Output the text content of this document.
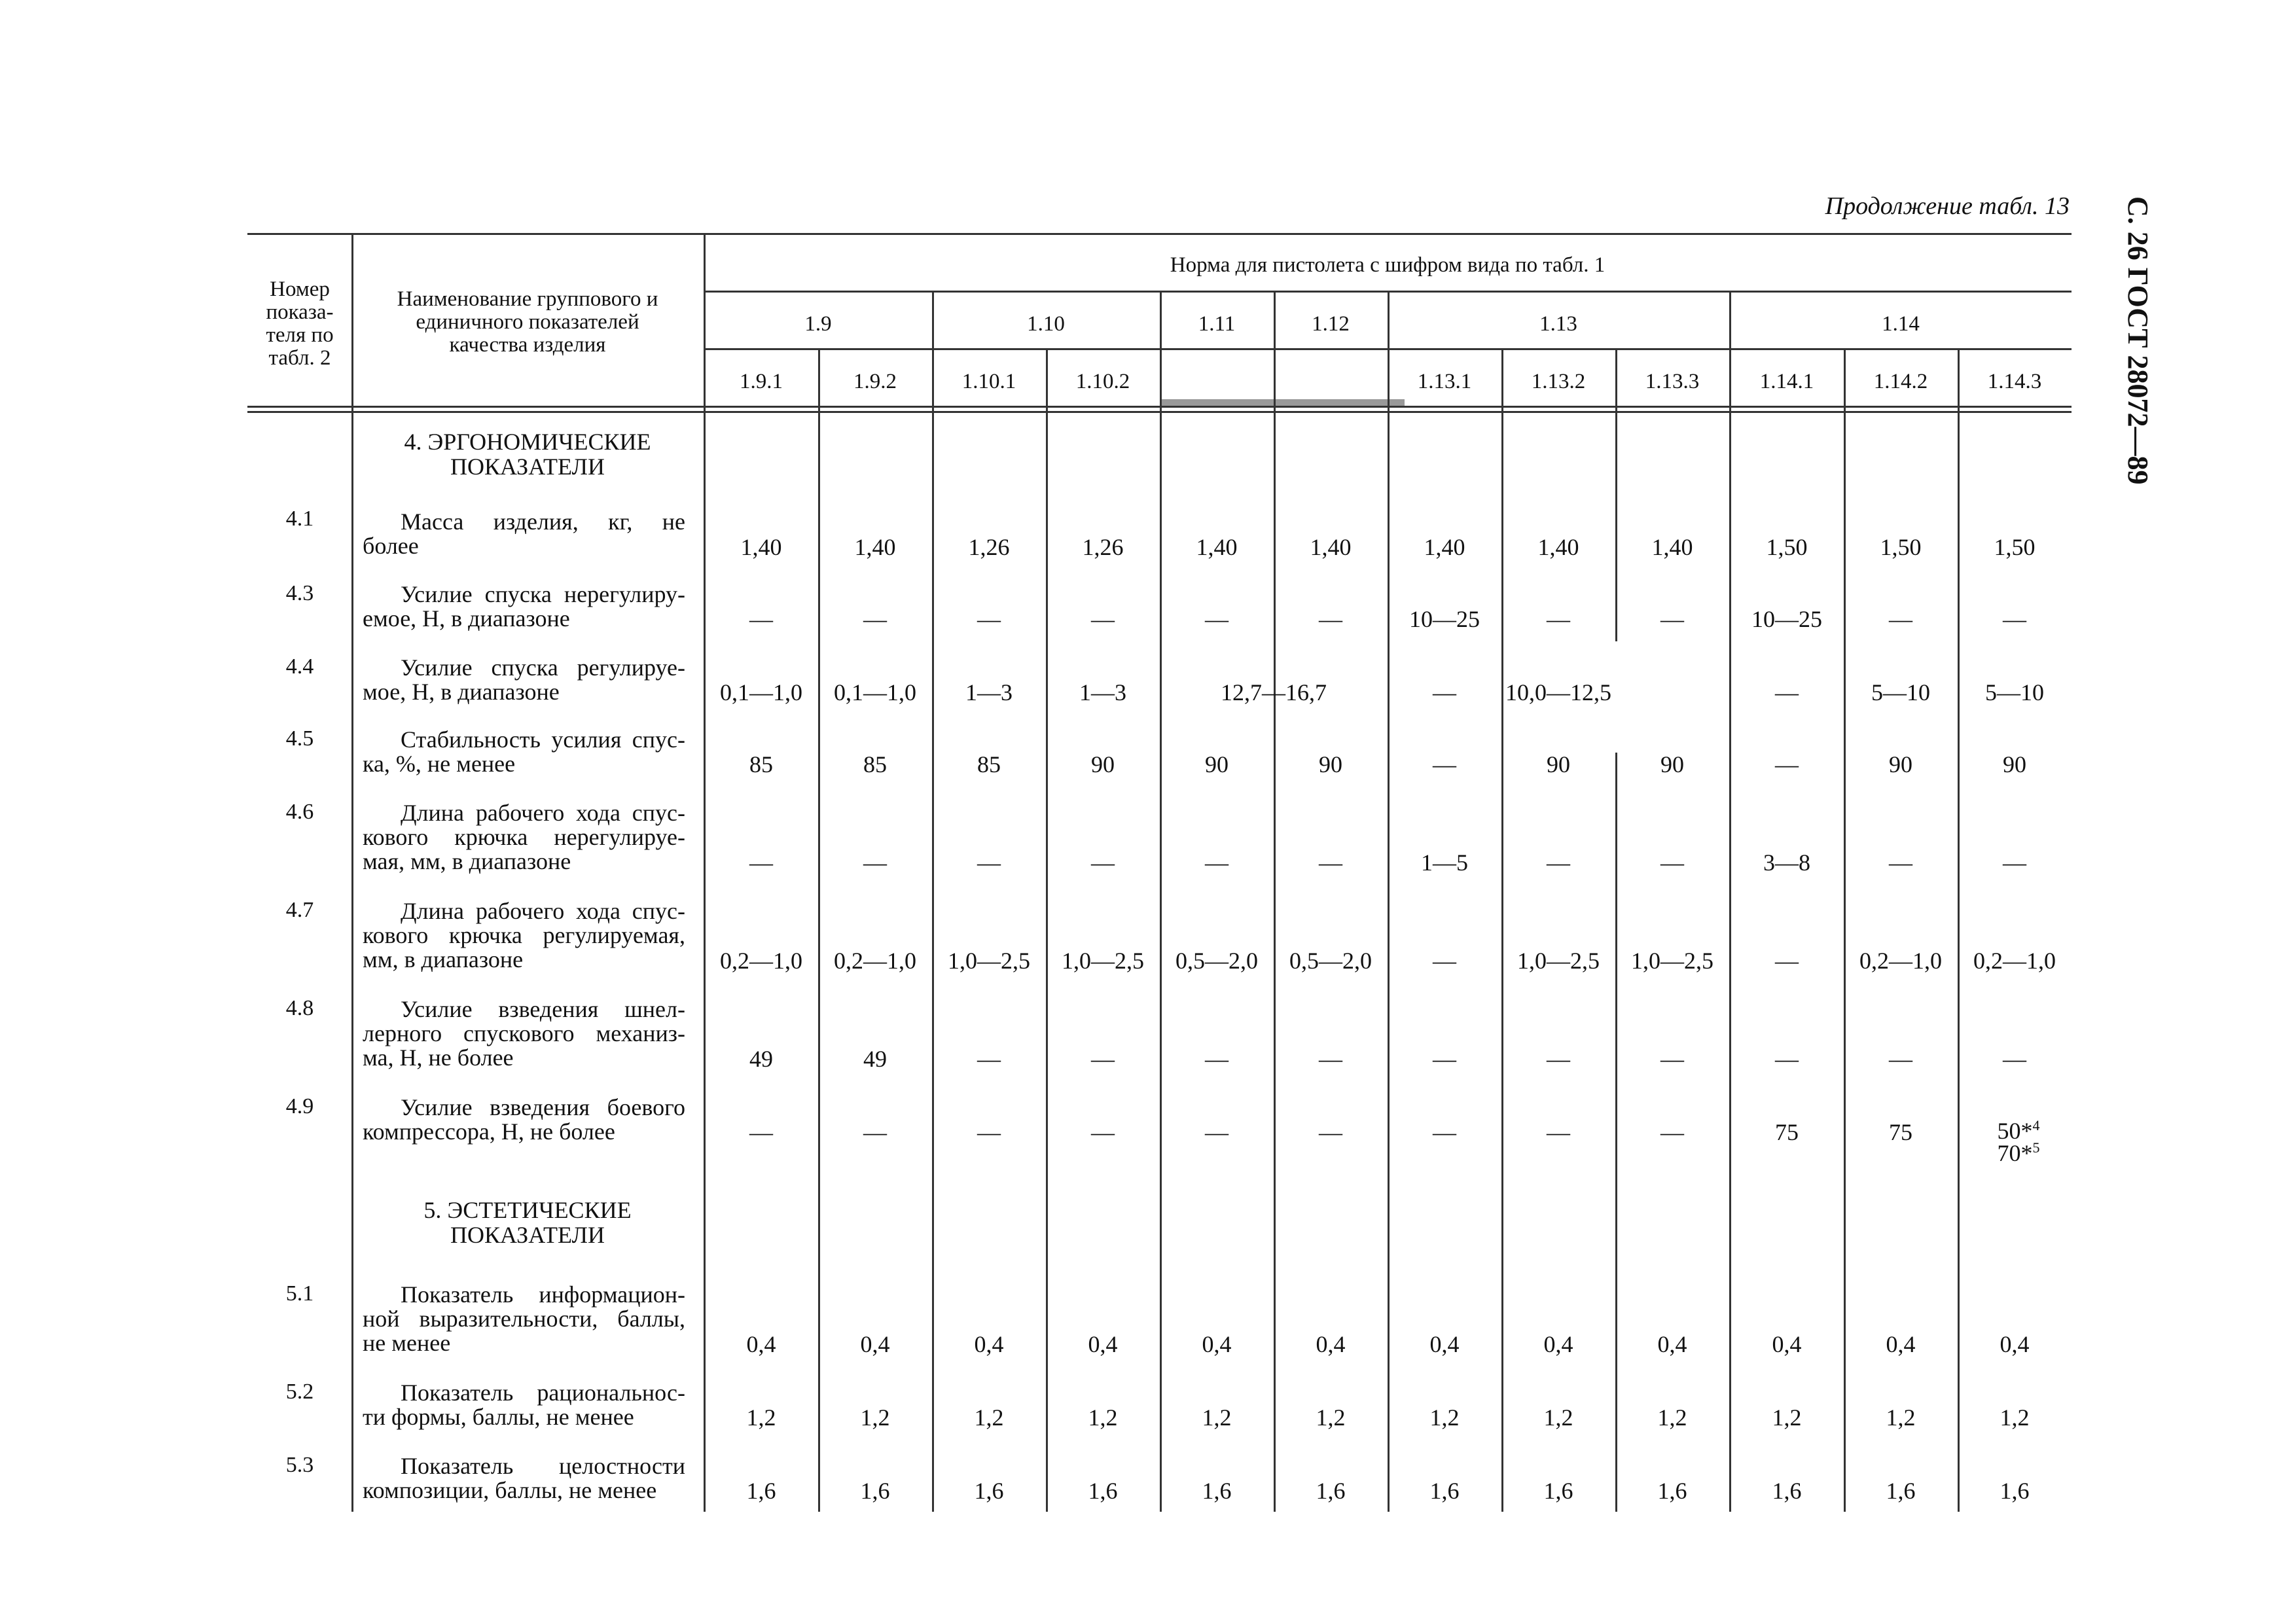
Продолжение табл. 13 С. 26 ГОСТ 28072—89
Номер
показа-
теля по
табл. 2
Наименование группового и
единичного показателей
качества изделия
Норма для пистолета с шифром вида по табл. 1
1.9	1.10	1.11	1.12	1.13	1.14
1.9.1	1.9.2	1.10.1	1.10.2	1.13.1	1.13.2	1.13.3	1.14.1	1.14.2	1.14.3
4. ЭРГОНОМИЧЕСКИЕ
ПОКАЗАТЕЛИ
5. ЭСТЕТИЧЕСКИЕ
ПОКАЗАТЕЛИ
4.1	Масса изделия, кг, не
более	1,40	1,40	1,26	1,26	1,40	1,40	1,40	1,40	1,40	1,50	1,50	1,50
4.3	Усилие спуска нерегулиру-
емое, Н, в диапазоне	—	—	—	—	—	—	10—25	—	—	10—25	—	—
4.4	Усилие спуска регулируе-
мое, Н, в диапазоне	0,1—1,0 0,1—1,0 1—3	1—3	12,7—16,7	— 10,0—12,5	—	5—10 5—10
4.5	Стабильность усилия спус-
ка, %, не менее	85	85	85	90	90	90	—	90	90	—	90	90
4.6	Длина рабочего хода спус-
кового крючка нерегулируе-
мая, мм, в диапазоне	—	—	—	—	—	—	1—5	—	—	3—8	—	—
4.7	Длина рабочего хода спус-
кового крючка регулируемая,
мм, в диапазоне	0,2—1,0 0,2—1,0 1,0—2,5 1,0—2,5 0,5—2,0 0,5—2,0	—	1,0—2,5 1,0—2,5	—	0,2—1,0 0,2—1,0
4.8	Усилие взведения шнел-
лерного спускового механиз-
ма, Н, не более	49	49	—	—	—	—	—	—	—	—	—	—
4.9	Усилие взведения боевого
компрессора, Н, не более	—	—	—	—	—	—	—	—	—	75	75	50*$^4$
70*$^5$
5.1	Показатель информацион-
ной выразительности, баллы,
не менее	0,4	0,4	0,4	0,4	0,4	0,4	0,4	0,4	0,4	0,4	0,4	0,4
5.2	Показатель рациональнос-
ти формы, баллы, не менее	1,2	1,2	1,2	1,2	1,2	1,2	1,2	1,2	1,2	1,2	1,2	1,2
5.3	Показатель целостности
композиции, баллы, не менее	1,6	1,6	1,6	1,6	1,6	1,6	1,6	1,6	1,6	1,6	1,6	1,6
